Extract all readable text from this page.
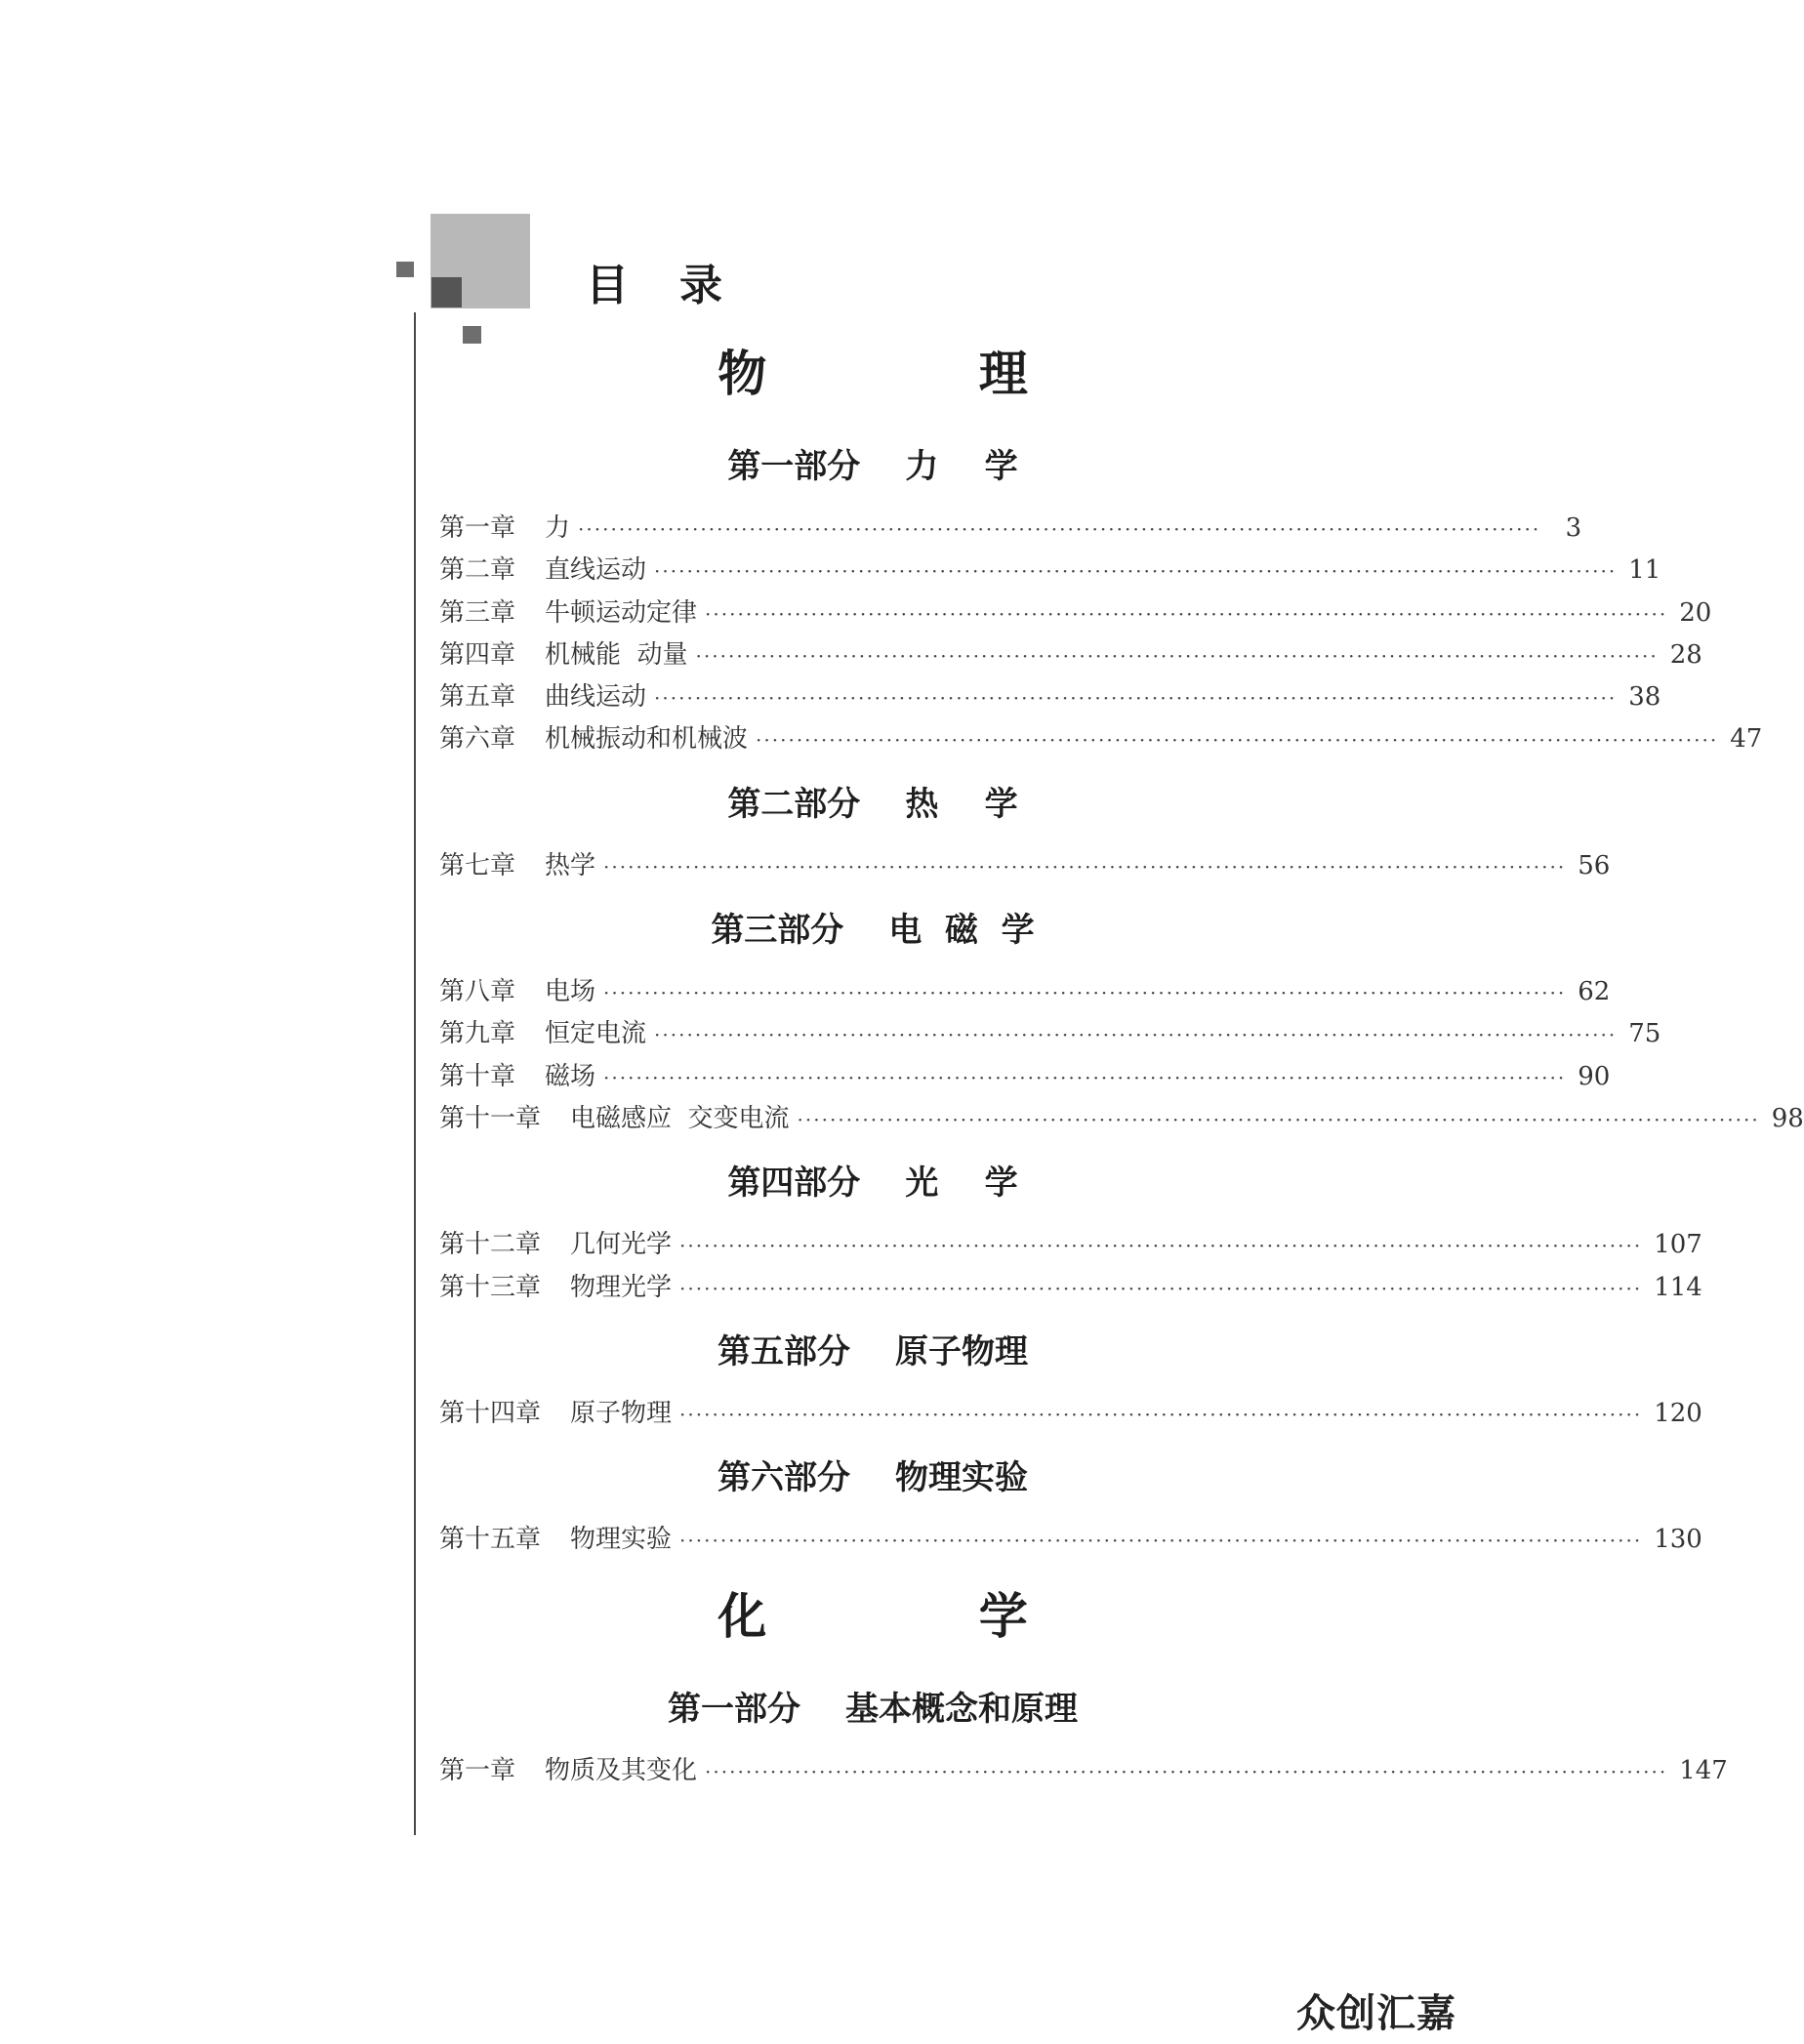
目录
物 理
第一部分 力    学
第一章 力 ······················································································································ 3
第二章 直线运动 ······················································································································ 11
第三章 牛顿运动定律 ······················································································································ 20
第四章 机械能  动量 ······················································································································ 28
第五章 曲线运动 ······················································································································ 38
第六章 机械振动和机械波 ······················································································································ 47
第二部分 热    学
第七章 热学 ······················································································································ 56
第三部分 电  磁  学
第八章 电场 ······················································································································ 62
第九章 恒定电流 ······················································································································ 75
第十章 磁场 ······················································································································ 90
第十一章 电磁感应  交变电流 ······················································································································ 98
第四部分 光    学
第十二章 几何光学 ······················································································································ 107
第十三章 物理光学 ······················································································································ 114
第五部分 原子物理
第十四章 原子物理 ······················································································································ 120
第六部分 物理实验
第十五章 物理实验 ······················································································································ 130
化 学
第一部分 基本概念和原理
第一章 物质及其变化 ······················································································································ 147
众创汇嘉
